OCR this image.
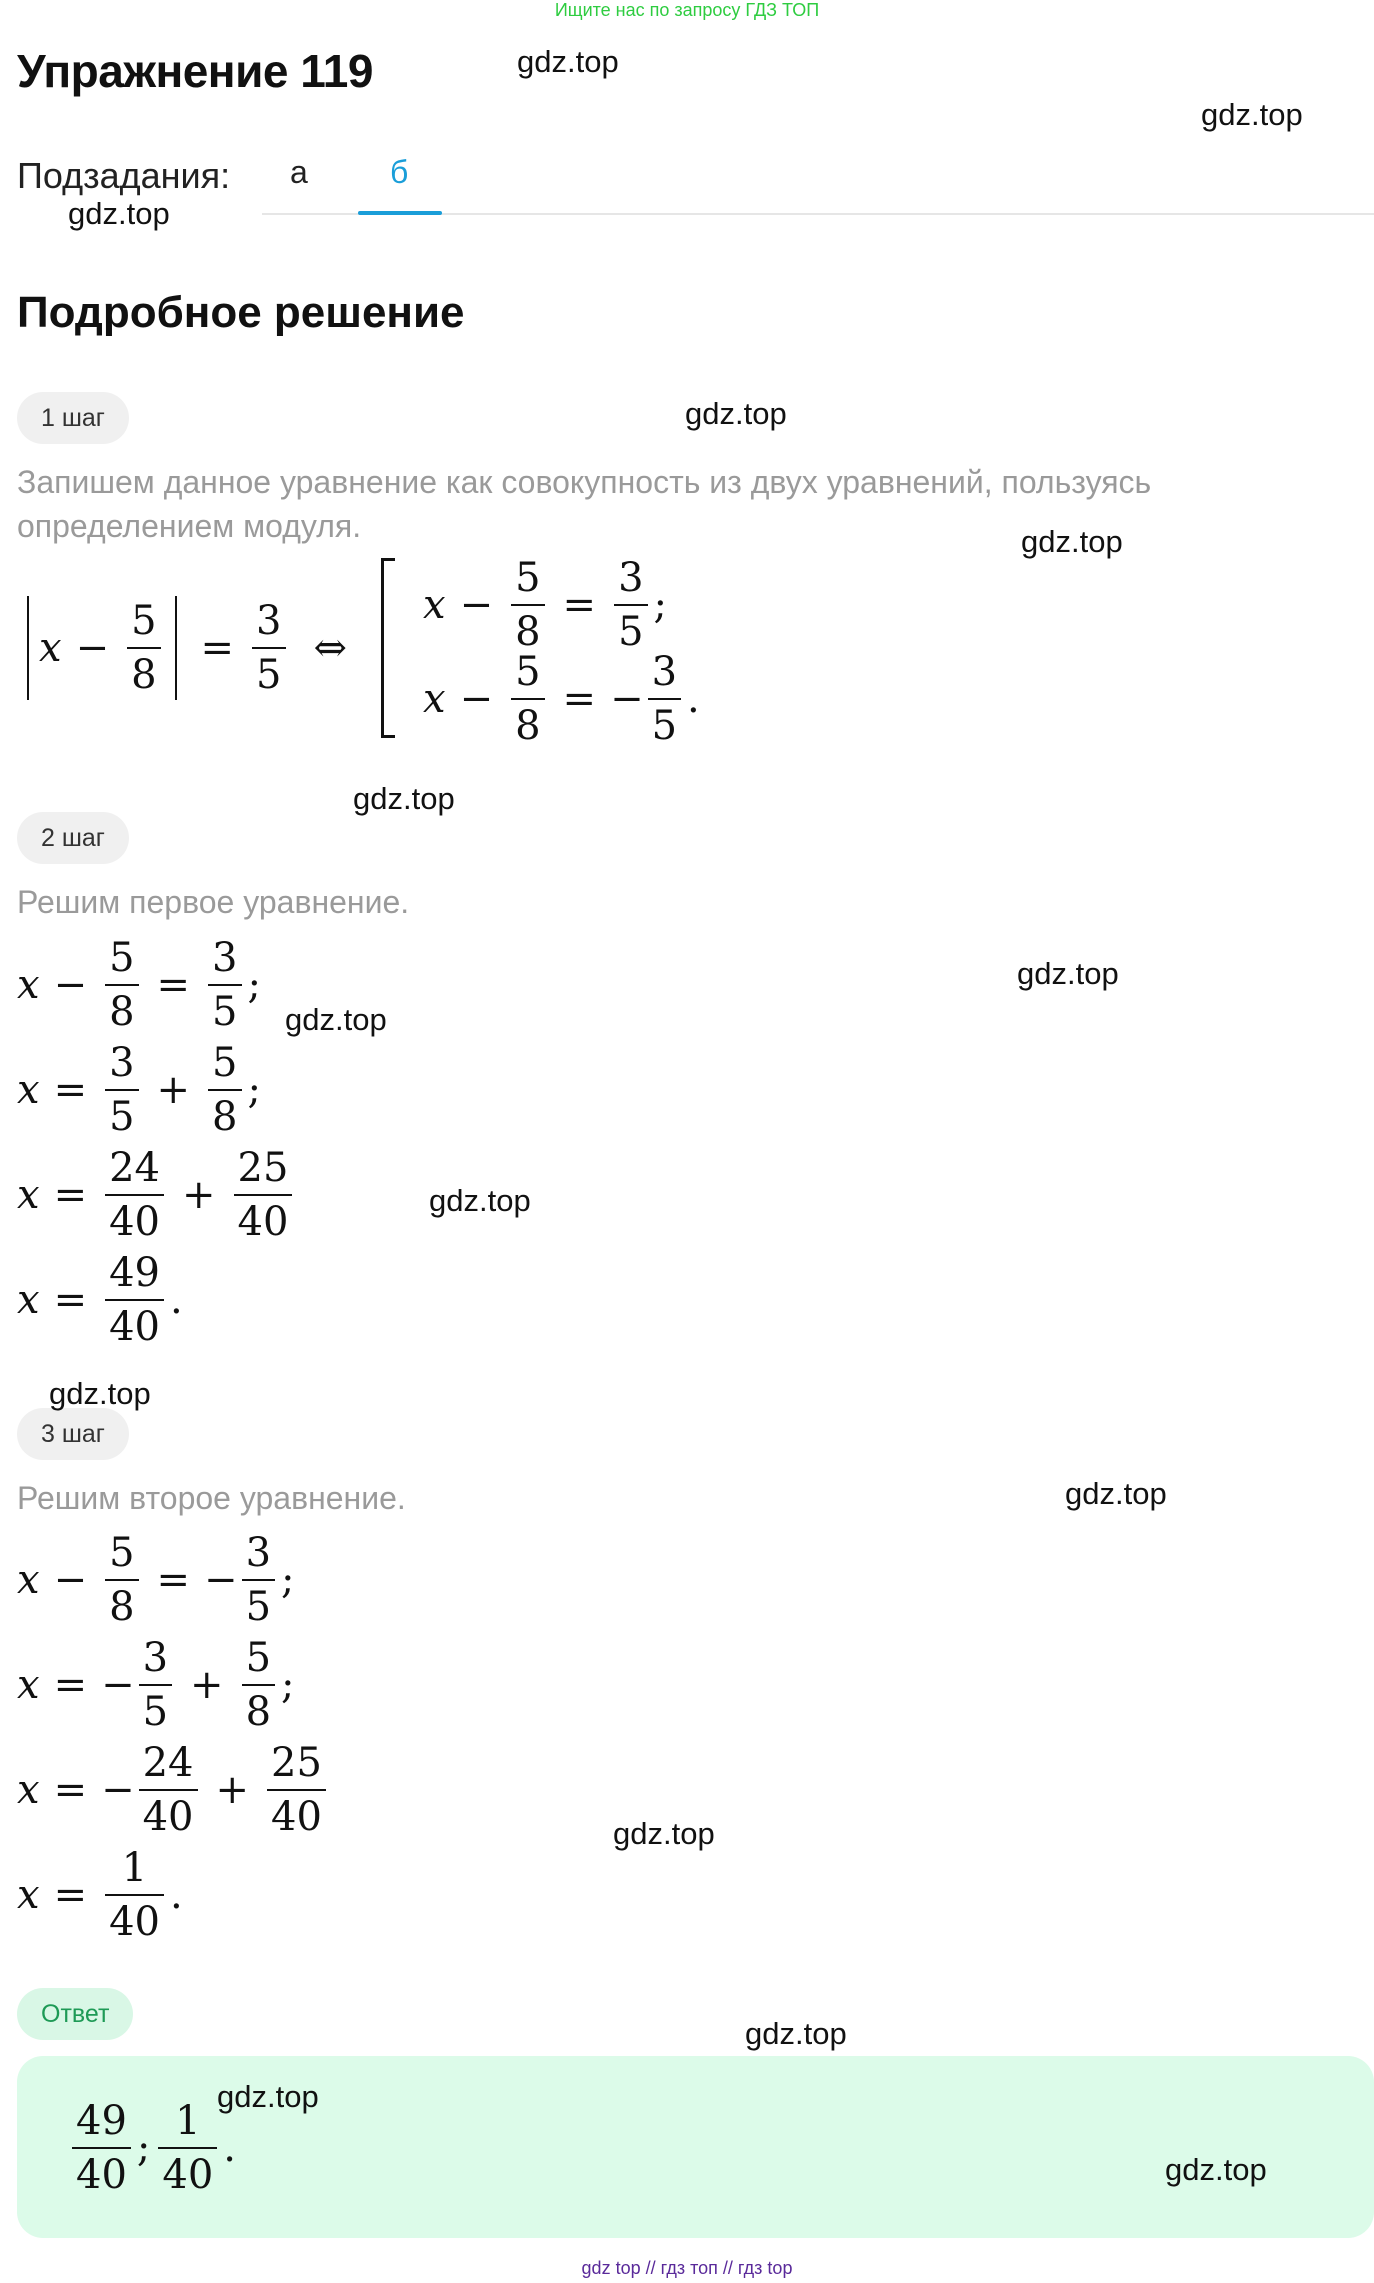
Ищите нас по запросу ГДЗ ТОП
Упражнение 119
Подзадания: а	б
Подробное решение
1 шаг
Запишем данное уравнение как совокупность из двух уравнений, пользуясь определением модуля.
$x - \frac{5}{8} = \frac{3}{5}$ ⇔
$x - \frac{5}{8} = \frac{3}{5}$ ;
$x - \frac{5}{8}$ = − $\frac{3}{5}$ .
2 шаг
Решим первое уравнение.
$x - \frac{5}{8} = \frac{3}{5}$ ;
$x = \frac{3}{5} + \frac{5}{8}$ ;
$x = \frac{24}{40} + \frac{25}{40}$
$x = \frac{49}{40}$ .
3 шаг
Решим второе уравнение.
$x - \frac{5}{8}$ = − $\frac{3}{5}$ ;
x = − $\frac{3}{5} + \frac{5}{8}$ ;
x = − $\frac{24}{40} + \frac{25}{40}$
$x = \frac{1}{40}$ .
Ответ
$\frac{49}{40}$ ; $\frac{1}{40}$ .
gdz.top
gdz.top
gdz.top
gdz.top
gdz.top
gdz.top
gdz.top
gdz.top
gdz.top
gdz.top
gdz.top
gdz.top
gdz.top
gdz.top
gdz.top
gdz top // гдз топ // гдз top
